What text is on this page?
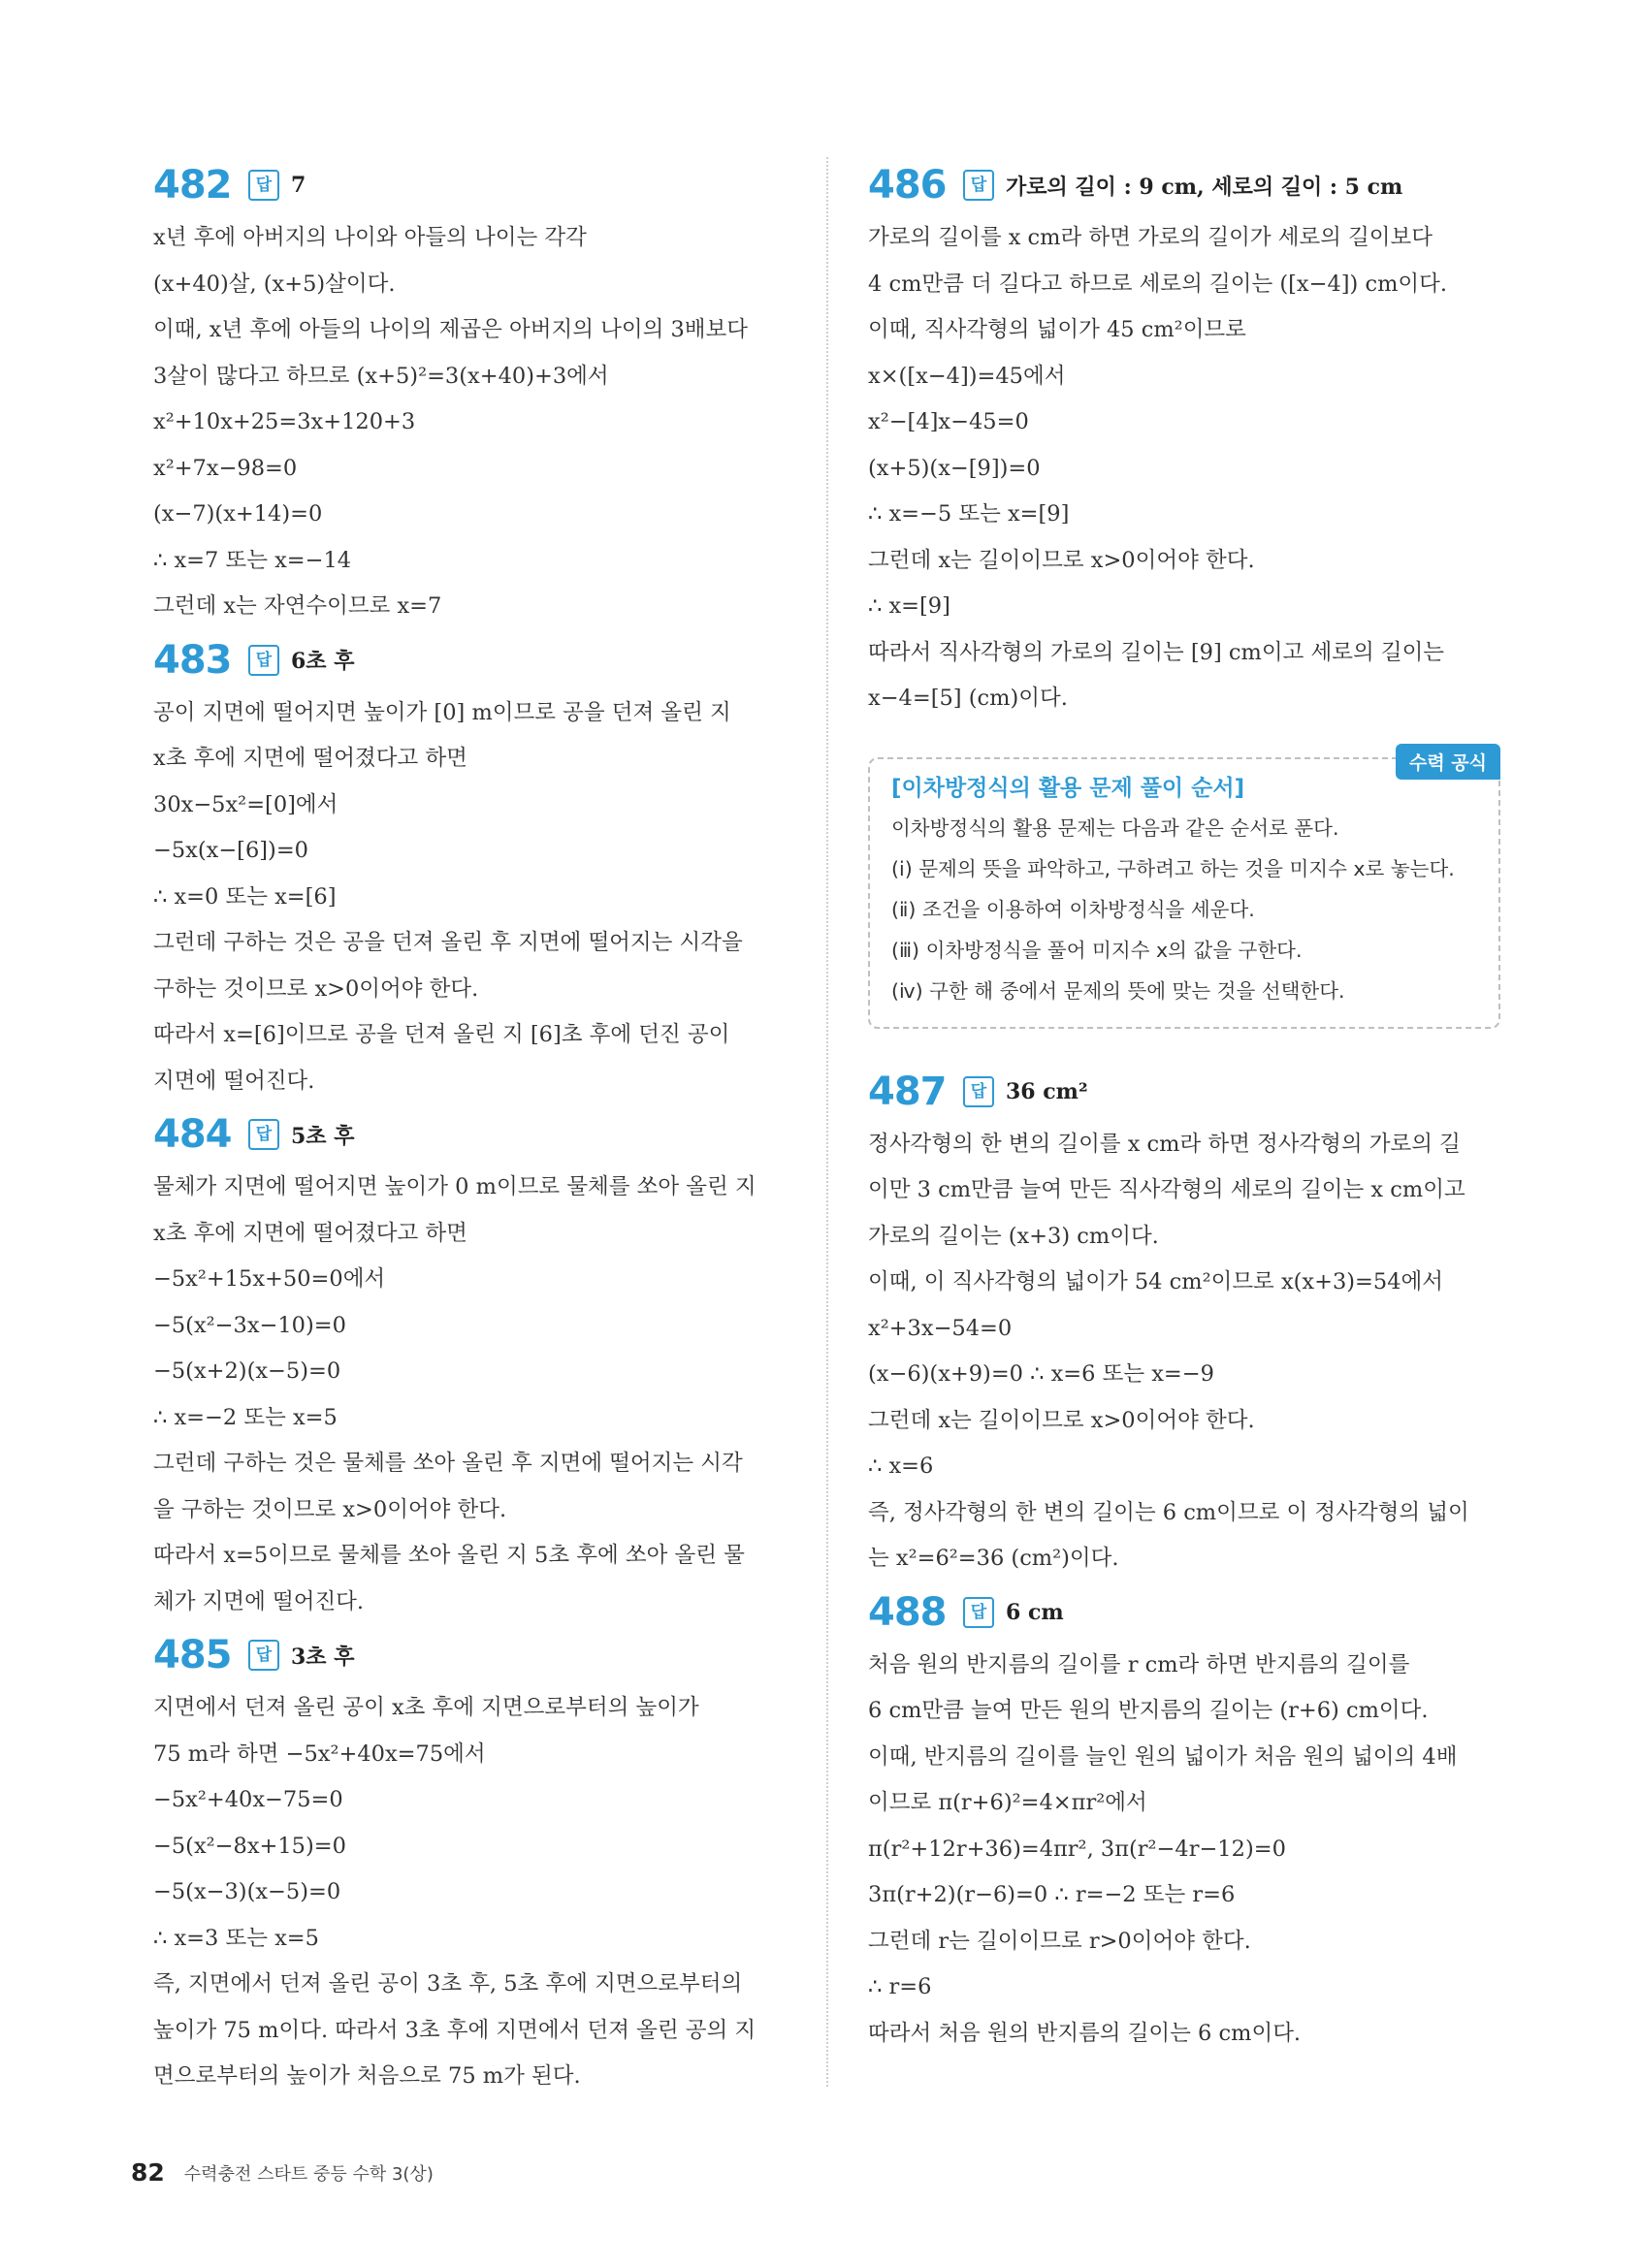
482	답 7
x년 후에 아버지의 나이와 아들의 나이는 각각
(x+40)살, (x+5)살이다.
이때, x년 후에 아들의 나이의 제곱은 아버지의 나이의 3배보다
3살이 많다고 하므로 (x+5)²=3(x+40)+3에서
x²+10x+25=3x+120+3
x²+7x−98=0
(x−7)(x+14)=0
∴ x=7 또는 x=−14
그런데 x는 자연수이므로 x=7
483	답 6초 후
공이 지면에 떨어지면 높이가 [0] m이므로 공을 던져 올린 지
x초 후에 지면에 떨어졌다고 하면
30x−5x²=[0]에서
−5x(x−[6])=0
∴ x=0 또는 x=[6]
그런데 구하는 것은 공을 던져 올린 후 지면에 떨어지는 시각을
구하는 것이므로 x>0이어야 한다.
따라서 x=[6]이므로 공을 던져 올린 지 [6]초 후에 던진 공이
지면에 떨어진다.
484	답 5초 후
물체가 지면에 떨어지면 높이가 0 m이므로 물체를 쏘아 올린 지
x초 후에 지면에 떨어졌다고 하면
−5x²+15x+50=0에서
−5(x²−3x−10)=0
−5(x+2)(x−5)=0
∴ x=−2 또는 x=5
그런데 구하는 것은 물체를 쏘아 올린 후 지면에 떨어지는 시각
을 구하는 것이므로 x>0이어야 한다.
따라서 x=5이므로 물체를 쏘아 올린 지 5초 후에 쏘아 올린 물
체가 지면에 떨어진다.
485	답 3초 후
지면에서 던져 올린 공이 x초 후에 지면으로부터의 높이가
75 m라 하면 −5x²+40x=75에서
−5x²+40x−75=0
−5(x²−8x+15)=0
−5(x−3)(x−5)=0
∴ x=3 또는 x=5
즉, 지면에서 던져 올린 공이 3초 후, 5초 후에 지면으로부터의
높이가 75 m이다. 따라서 3초 후에 지면에서 던져 올린 공의 지
면으로부터의 높이가 처음으로 75 m가 된다.
486	답 가로의 길이 : 9 cm, 세로의 길이 : 5 cm
가로의 길이를 x cm라 하면 가로의 길이가 세로의 길이보다
4 cm만큼 더 길다고 하므로 세로의 길이는 ([x−4]) cm이다.
이때, 직사각형의 넓이가 45 cm²이므로
x×([x−4])=45에서
x²−[4]x−45=0
(x+5)(x−[9])=0
∴ x=−5 또는 x=[9]
그런데 x는 길이이므로 x>0이어야 한다.
∴ x=[9]
따라서 직사각형의 가로의 길이는 [9] cm이고 세로의 길이는
x−4=[5] (cm)이다.
수력 공식
[이차방정식의 활용 문제 풀이 순서]
이차방정식의 활용 문제는 다음과 같은 순서로 푼다.
(ⅰ) 문제의 뜻을 파악하고, 구하려고 하는 것을 미지수 x로 놓는다.
(ⅱ) 조건을 이용하여 이차방정식을 세운다.
(ⅲ) 이차방정식을 풀어 미지수 x의 값을 구한다.
(ⅳ) 구한 해 중에서 문제의 뜻에 맞는 것을 선택한다.
487	답 36 cm²
정사각형의 한 변의 길이를 x cm라 하면 정사각형의 가로의 길
이만 3 cm만큼 늘여 만든 직사각형의 세로의 길이는 x cm이고
가로의 길이는 (x+3) cm이다.
이때, 이 직사각형의 넓이가 54 cm²이므로 x(x+3)=54에서
x²+3x−54=0
(x−6)(x+9)=0 ∴ x=6 또는 x=−9
그런데 x는 길이이므로 x>0이어야 한다.
∴ x=6
즉, 정사각형의 한 변의 길이는 6 cm이므로 이 정사각형의 넓이
는 x²=6²=36 (cm²)이다.
488	답 6 cm
처음 원의 반지름의 길이를 r cm라 하면 반지름의 길이를
6 cm만큼 늘여 만든 원의 반지름의 길이는 (r+6) cm이다.
이때, 반지름의 길이를 늘인 원의 넓이가 처음 원의 넓이의 4배
이므로 π(r+6)²=4×πr²에서
π(r²+12r+36)=4πr², 3π(r²−4r−12)=0
3π(r+2)(r−6)=0 ∴ r=−2 또는 r=6
그런데 r는 길이이므로 r>0이어야 한다.
∴ r=6
따라서 처음 원의 반지름의 길이는 6 cm이다.
82 수력충전 스타트 중등 수학 3(상)
